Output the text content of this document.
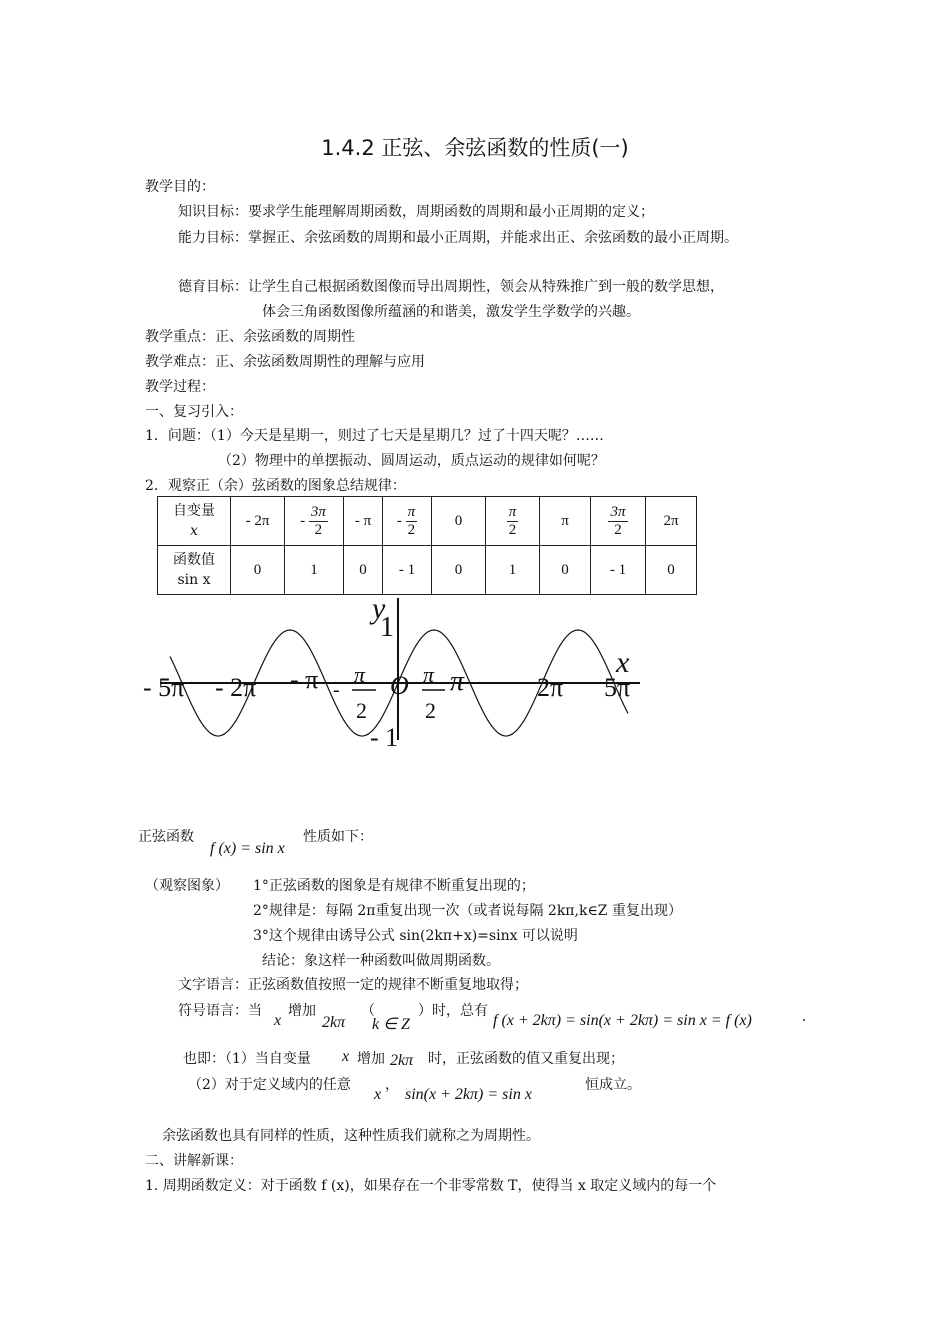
1.4.2 正弦、余弦函数的性质(一)
教学目的：
知识目标：要求学生能理解周期函数，周期函数的周期和最小正周期的定义；
能力目标：掌握正、余弦函数的周期和最小正周期，并能求出正、余弦函数的最小正周期。
德育目标：让学生自己根据函数图像而导出周期性，领会从特殊推广到一般的数学思想，
体会三角函数图像所蕴涵的和谐美，激发学生学数学的兴趣。
教学重点：正、余弦函数的周期性
教学难点：正、余弦函数周期性的理解与应用
教学过程：
一、复习引入：
1．问题：（1）今天是星期一，则过了七天是星期几？过了十四天呢？……
（2）物理中的单摆振动、圆周运动，质点运动的规律如何呢？
2．观察正（余）弦函数的图象总结规律：
自变量
x	- 2π	- $\frac{3\pi}{2}$	- π	- $\frac{\pi}{2}$	0	$\frac{\pi}{2}$	π	$\frac{3\pi}{2}$	2π
函数值
sin x	0	1	0	- 1	0	1	0	- 1	0
y
1
x
- 5π - 2π - π -
π
2
O π
2
π	2π 5π
- 1
正弦函数
f (x) = sin x
性质如下：
（观察图象） 1°正弦函数的图象是有规律不断重复出现的；
2°规律是：每隔 2π重复出现一次（或者说每隔 2kπ,k∈Z 重复出现）
3°这个规律由诱导公式 sin(2kπ+x)=sinx 可以说明
结论：象这样一种函数叫做周期函数。
文字语言：正弦函数值按照一定的规律不断重复地取得；
符号语言：当
x
增加
2kπ
（
k ∈ Z
）时，总有
f (x + 2kπ) = sin(x + 2kπ) = sin x = f (x)	.
也即：（1）当自变量 x 增加 2kπ 时，正弦函数的值又重复出现；
（2）对于定义域内的任意
x
，
sin(x + 2kπ) = sin x
恒成立。
余弦函数也具有同样的性质，这种性质我们就称之为周期性。
二、讲解新课：
1. 周期函数定义：对于函数 f (x)，如果存在一个非零常数 T，使得当 x 取定义域内的每一个
